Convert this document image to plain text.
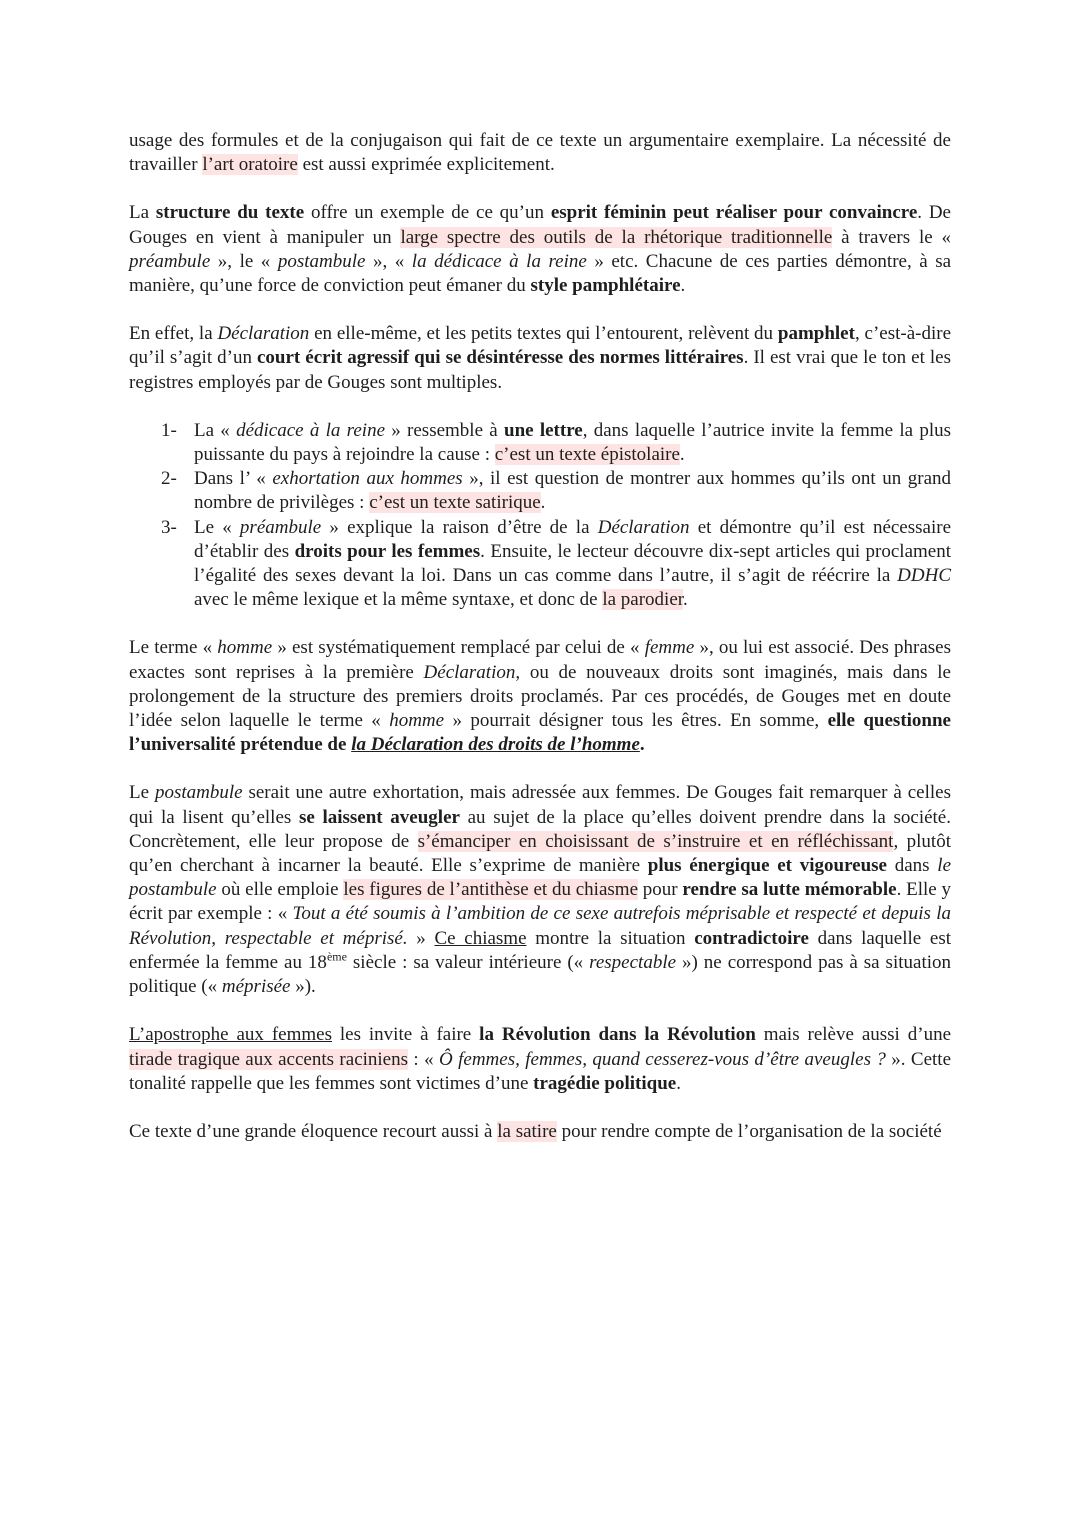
usage des formules et de la conjugaison qui fait de ce texte un argumentaire exemplaire. La nécessité de travailler l’art oratoire est aussi exprimée explicitement.

La structure du texte offre un exemple de ce qu’un esprit féminin peut réaliser pour convaincre. De Gouges en vient à manipuler un large spectre des outils de la rhétorique traditionnelle à travers le « préambule », le « postambule », « la dédicace à la reine » etc. Chacune de ces parties démontre, à sa manière, qu’une force de conviction peut émaner du style pamphlétaire.

En effet, la Déclaration en elle-même, et les petits textes qui l’entourent, relèvent du pamphlet, c’est-à-dire qu’il s’agit d’un court écrit agressif qui se désintéresse des normes littéraires. Il est vrai que le ton et les registres employés par de Gouges sont multiples.

1- La « dédicace à la reine » ressemble à une lettre, dans laquelle l’autrice invite la femme la plus puissante du pays à rejoindre la cause : c’est un texte épistolaire.
2- Dans l’ « exhortation aux hommes », il est question de montrer aux hommes qu’ils ont un grand nombre de privilèges : c’est un texte satirique.
3- Le « préambule » explique la raison d’être de la Déclaration et démontre qu’il est nécessaire d’établir des droits pour les femmes. Ensuite, le lecteur découvre dix-sept articles qui proclament l’égalité des sexes devant la loi. Dans un cas comme dans l’autre, il s’agit de réécrire la DDHC avec le même lexique et la même syntaxe, et donc de la parodier.

Le terme « homme » est systématiquement remplacé par celui de « femme », ou lui est associé. Des phrases exactes sont reprises à la première Déclaration, ou de nouveaux droits sont imaginés, mais dans le prolongement de la structure des premiers droits proclamés. Par ces procédés, de Gouges met en doute l’idée selon laquelle le terme « homme » pourrait désigner tous les êtres. En somme, elle questionne l’universalité prétendue de la Déclaration des droits de l’homme.

Le postambule serait une autre exhortation, mais adressée aux femmes. De Gouges fait remarquer à celles qui la lisent qu’elles se laissent aveugler au sujet de la place qu’elles doivent prendre dans la société. Concrètement, elle leur propose de s’émanciper en choisissant de s’instruire et en réfléchissant, plutôt qu’en cherchant à incarner la beauté. Elle s’exprime de manière plus énergique et vigoureuse dans le postambule où elle emploie les figures de l’antithèse et du chiasme pour rendre sa lutte mémorable. Elle y écrit par exemple : « Tout a été soumis à l’ambition de ce sexe autrefois méprisable et respecté et depuis la Révolution, respectable et méprisé. » Ce chiasme montre la situation contradictoire dans laquelle est enfermée la femme au 18ème siècle : sa valeur intérieure (« respectable ») ne correspond pas à sa situation politique (« méprisée »).

L’apostrophe aux femmes les invite à faire la Révolution dans la Révolution mais relève aussi d’une tirade tragique aux accents raciniens : « Ô femmes, femmes, quand cesserez-vous d’être aveugles ? ». Cette tonalité rappelle que les femmes sont victimes d’une tragédie politique.

Ce texte d’une grande éloquence recourt aussi à la satire pour rendre compte de l’organisation de la société
